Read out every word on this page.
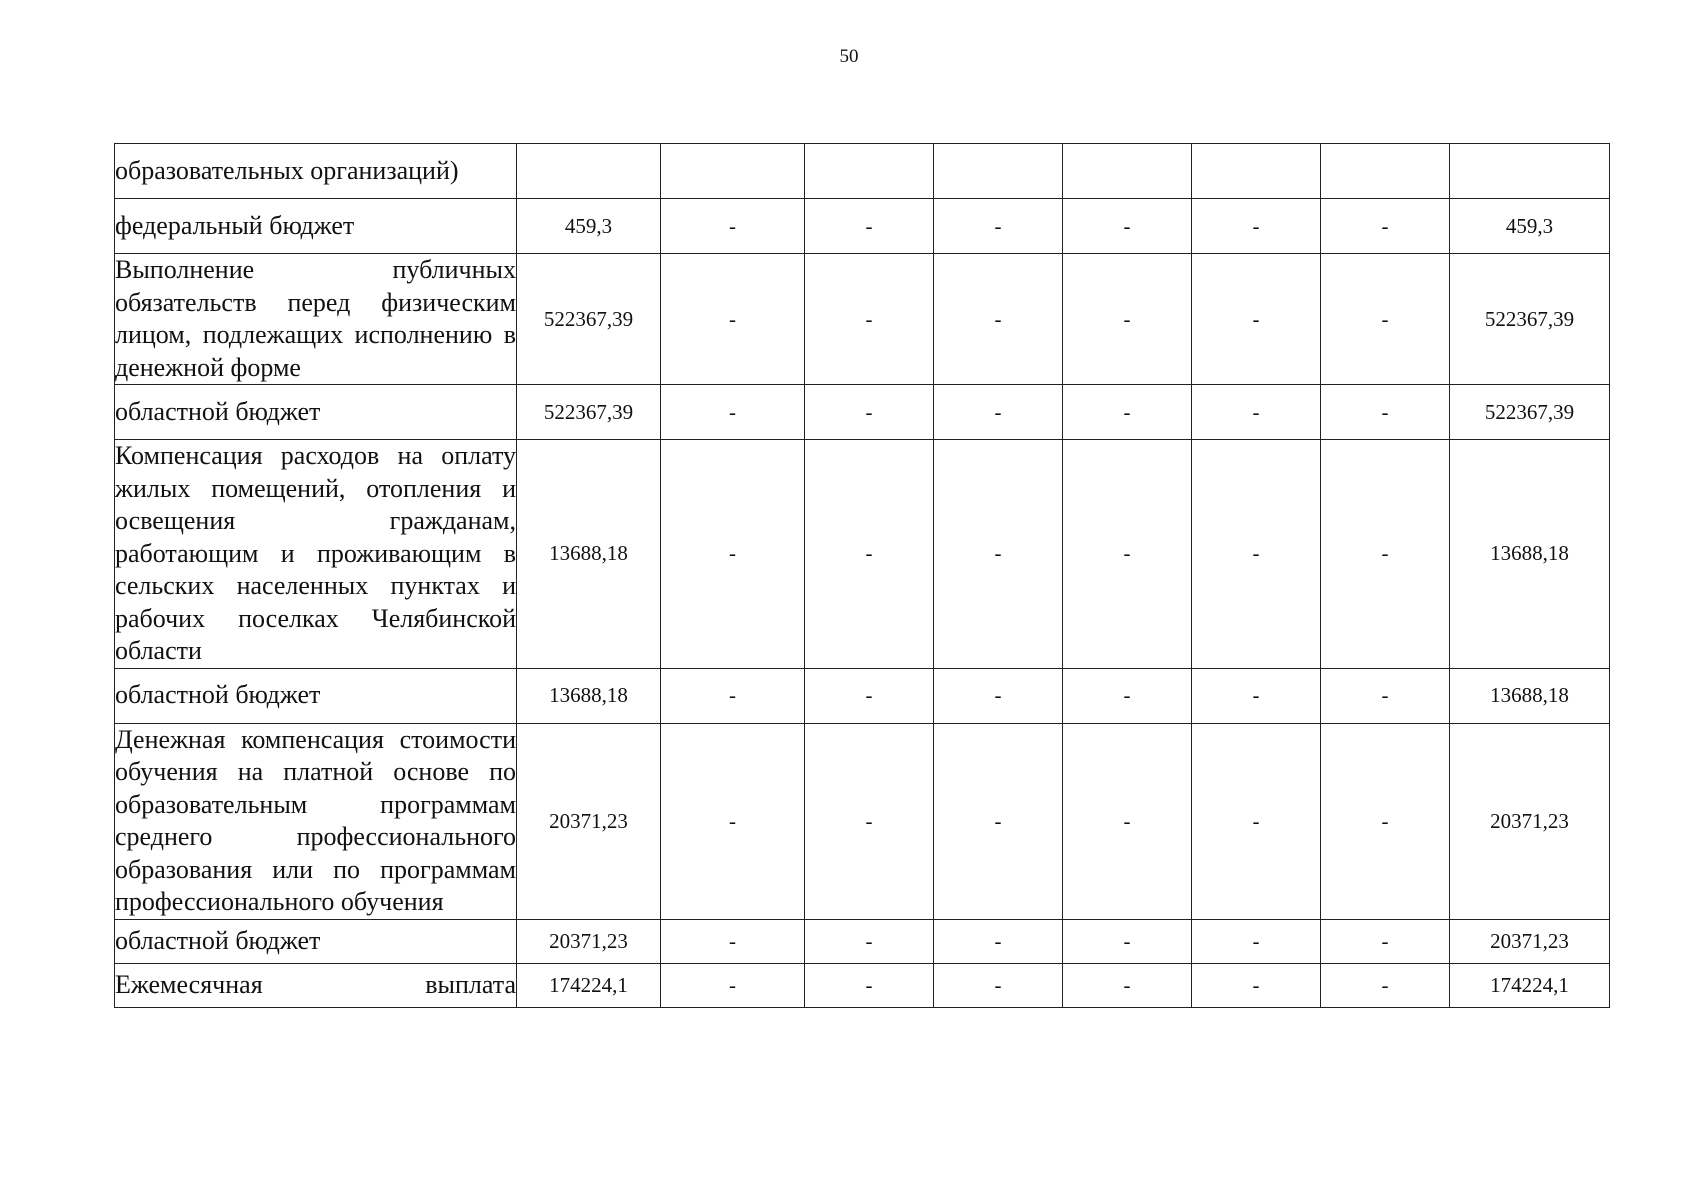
50
образовательных организаций)								
федеральный бюджет	459,3	-	-	-	-	-	-	459,3
Выполнение публичных обязательств перед физическим лицом, подлежащих исполнению в денежной форме	522367,39	-	-	-	-	-	-	522367,39
областной бюджет	522367,39	-	-	-	-	-	-	522367,39
Компенсация расходов на оплату жилых помещений, отопления и освещения гражданам, работающим и проживающим в сельских населенных пунктах и рабочих поселках Челябинской области	13688,18	-	-	-	-	-	-	13688,18
областной бюджет	13688,18	-	-	-	-	-	-	13688,18
Денежная компенсация стоимости обучения на платной основе по образовательным программам среднего профессионального образования или по программам профессионального обучения	20371,23	-	-	-	-	-	-	20371,23
областной бюджет	20371,23	-	-	-	-	-	-	20371,23
Ежемесячная выплата	174224,1	-	-	-	-	-	-	174224,1
